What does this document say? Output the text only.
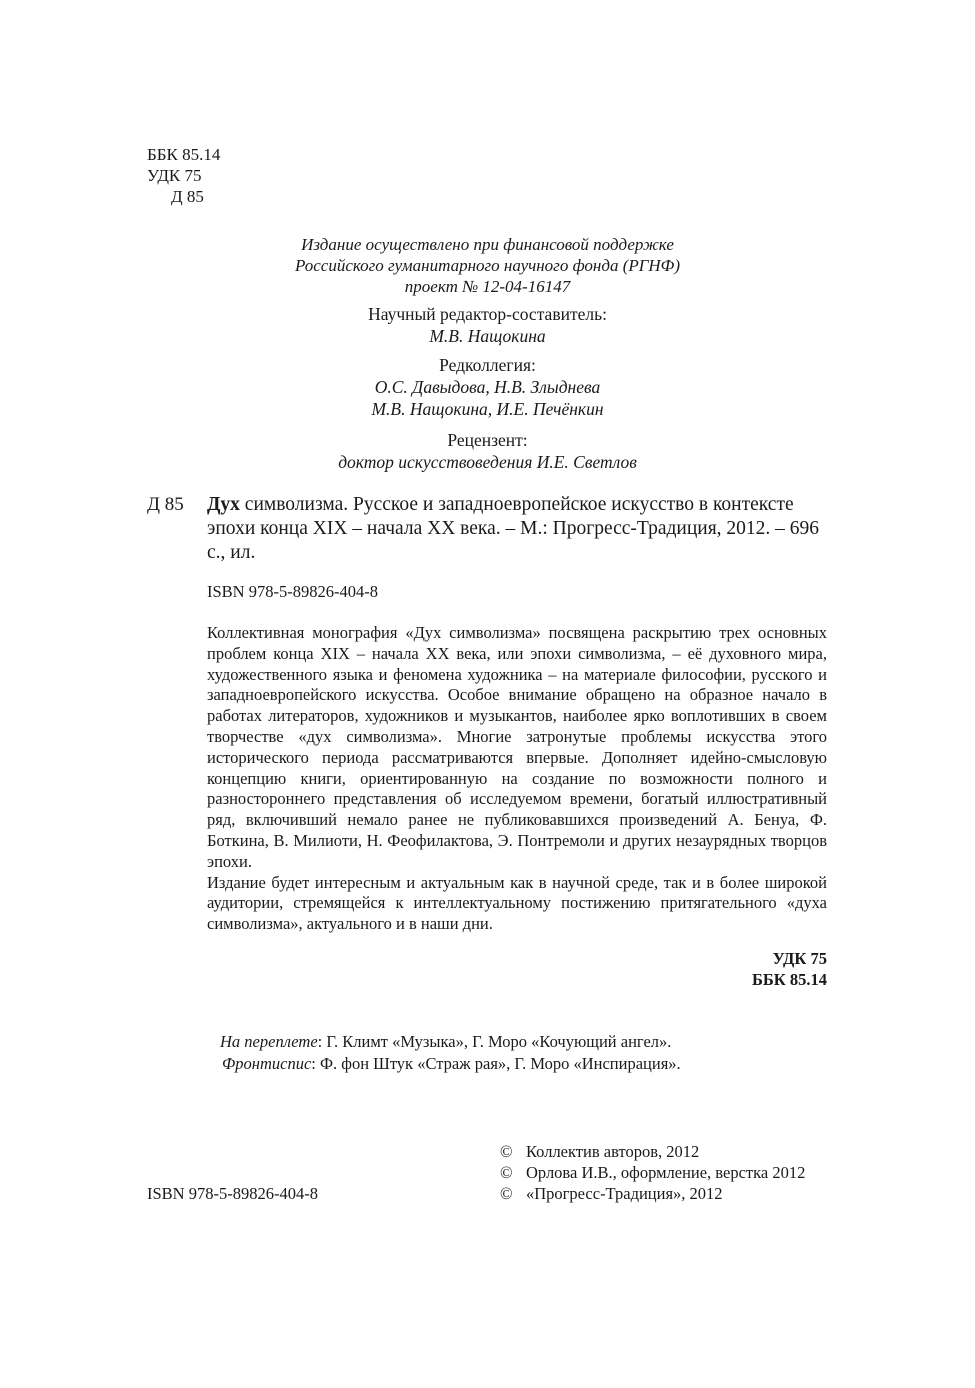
ББК 85.14
УДК 75
Д 85
Издание осуществлено при финансовой поддержке
Российского гуманитарного научного фонда (РГНФ)
проект № 12-04-16147
Научный редактор-составитель:
М.В. Нащокина
Редколлегия:
О.С. Давыдова, Н.В. Злыднева
М.В. Нащокина, И.Е. Печёнкин
Рецензент:
доктор искусствоведения И.Е. Светлов
Д 85 Дух символизма. Русское и западноевропейское искусство в контексте эпохи конца XIX – начала XX века. – М.: Прогресс-Традиция, 2012. – 696 с., ил.
ISBN 978-5-89826-404-8

Коллективная монография «Дух символизма» посвящена раскрытию трех основных проблем конца XIX – начала XX века, или эпохи символизма, – её духовного мира, художественного языка и феномена художника – на материале философии, русского и западноевропейского искусства. Особое внимание обращено на образное начало в работах литераторов, художников и музыкантов, наиболее ярко воплотивших в своем творчестве «дух символизма». Многие затронутые проблемы искусства этого исторического периода рассматриваются впервые. Дополняет идейно-смысловую концепцию книги, ориентированную на создание по возможности полного и разностороннего представления об исследуемом времени, богатый иллюстративный ряд, включивший немало ранее не публиковавшихся произведений А. Бенуа, Ф. Боткина, В. Милиоти, Н. Феофилактова, Э. Понтремоли и других незаурядных творцов эпохи.

Издание будет интересным и актуальным как в научной среде, так и в более широкой аудитории, стремящейся к интеллектуальному постижению притягательного «духа символизма», актуального и в наши дни.

УДК 75
ББК 85.14
На переплете: Г. Климт «Музыка», Г. Моро «Кочующий ангел».
Фронтиспис: Ф. фон Штук «Страж рая», Г. Моро «Инспирация».
© Коллектив авторов, 2012
© Орлова И.В., оформление, верстка 2012
© «Прогресс-Традиция», 2012
ISBN 978-5-89826-404-8
